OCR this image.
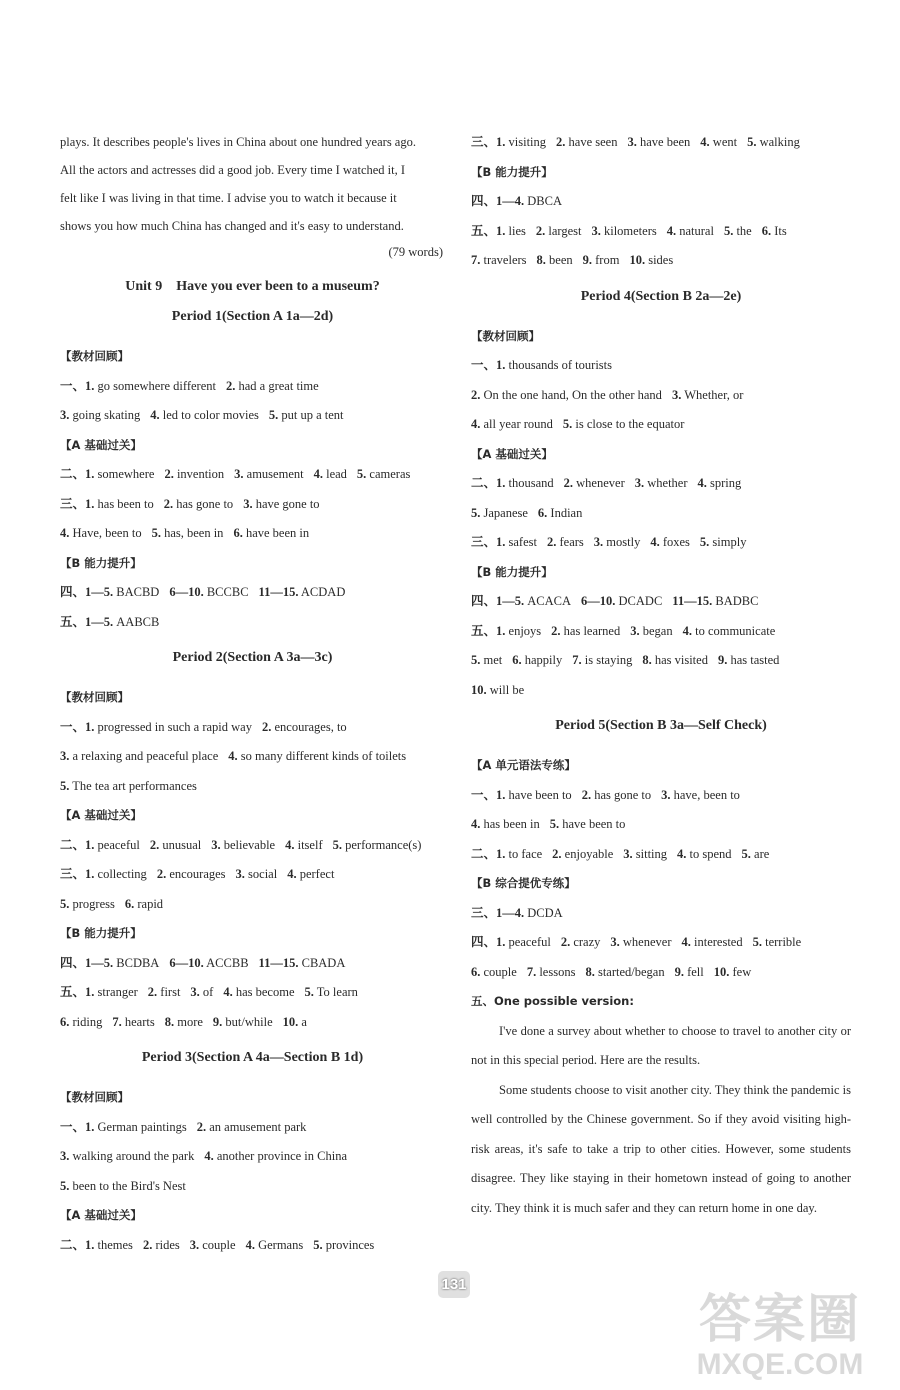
plays. It describes people's lives in China about one hundred years ago.

All the actors and actresses did a good job. Every time I watched it, I

felt like I was living in that time. I advise you to watch it because it

shows you how much China has changed and it's easy to understand.

(79 words)
Unit 9    Have you ever been to a museum?
Period 1(Section A 1a—2d)
【教材回顾】
一、1. go somewhere different 2. had a great time
3. going skating 4. led to color movies 5. put up a tent
【A 基础过关】
二、1. somewhere 2. invention 3. amusement 4. lead 5. cameras
三、1. has been to 2. has gone to 3. have gone to
4. Have, been to 5. has, been in 6. have been in
【B 能力提升】
四、1—5. BACBD 6—10. BCCBC 11—15. ACDAD
五、1—5. AABCB
Period 2(Section A 3a—3c)
【教材回顾】
一、1. progressed in such a rapid way 2. encourages, to
3. a relaxing and peaceful place 4. so many different kinds of toilets
5. The tea art performances
【A 基础过关】
二、1. peaceful 2. unusual 3. believable 4. itself 5. performance(s)
三、1. collecting 2. encourages 3. social 4. perfect
5. progress 6. rapid
【B 能力提升】
四、1—5. BCDBA 6—10. ACCBB 11—15. CBADA
五、1. stranger 2. first 3. of 4. has become 5. To learn
6. riding 7. hearts 8. more 9. but/while 10. a
Period 3(Section A 4a—Section B 1d)
【教材回顾】
一、1. German paintings 2. an amusement park
3. walking around the park 4. another province in China
5. been to the Bird's Nest
【A 基础过关】
二、1. themes 2. rides 3. couple 4. Germans 5. provinces
三、1. visiting 2. have seen 3. have been 4. went 5. walking
【B 能力提升】
四、1—4. DBCA
五、1. lies 2. largest 3. kilometers 4. natural 5. the 6. Its
7. travelers 8. been 9. from 10. sides
Period 4(Section B 2a—2e)
【教材回顾】
一、1. thousands of tourists
2. On the one hand, On the other hand 3. Whether, or
4. all year round 5. is close to the equator
【A 基础过关】
二、1. thousand 2. whenever 3. whether 4. spring
5. Japanese 6. Indian
三、1. safest 2. fears 3. mostly 4. foxes 5. simply
【B 能力提升】
四、1—5. ACACA 6—10. DCADC 11—15. BADBC
五、1. enjoys 2. has learned 3. began 4. to communicate
5. met 6. happily 7. is staying 8. has visited 9. has tasted
10. will be
Period 5(Section B 3a—Self Check)
【A 单元语法专练】
一、1. have been to 2. has gone to 3. have, been to
4. has been in 5. have been to
二、1. to face 2. enjoyable 3. sitting 4. to spend 5. are
【B 综合提优专练】
三、1—4. DCDA
四、1. peaceful 2. crazy 3. whenever 4. interested 5. terrible
6. couple 7. lessons 8. started/began 9. fell 10. few
五、One possible version:

I've done a survey about whether to choose to travel to another city or not in this special period. Here are the results.

Some students choose to visit another city. They think the pandemic is well controlled by the Chinese government. So if they avoid visiting high-risk areas, it's safe to take a trip to other cities. However, some students disagree. They like staying in their hometown instead of going to another city. They think it is much safer and they can return home in one day.

131
答案圈
MXQE.COM
